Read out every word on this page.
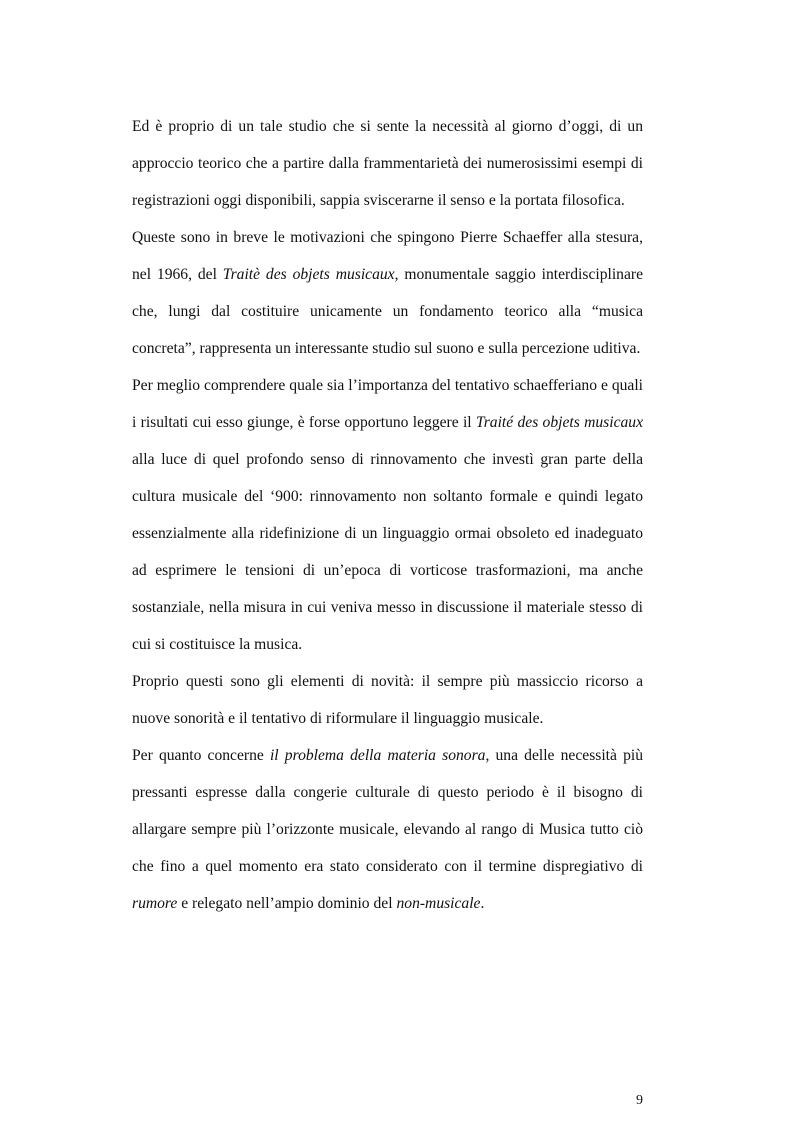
Ed è proprio di un tale studio che si sente la necessità al giorno d’oggi, di un approccio teorico che a partire dalla frammentarietà dei numerosissimi esempi di registrazioni oggi disponibili, sappia sviscerarne il senso e la portata filosofica.

Queste sono in breve le motivazioni che spingono Pierre Schaeffer alla stesura, nel 1966, del Traitè des objets musicaux, monumentale saggio interdisciplinare che, lungi dal costituire unicamente un fondamento teorico alla “musica concreta”, rappresenta un interessante studio sul suono e sulla percezione uditiva.

Per meglio comprendere quale sia l’importanza del tentativo schaefferiano e quali i risultati cui esso giunge, è forse opportuno leggere il Traité des objets musicaux alla luce di quel profondo senso di rinnovamento che investì gran parte della cultura musicale del ‘900: rinnovamento non soltanto formale e quindi legato essenzialmente alla ridefinizione di un linguaggio ormai obsoleto ed inadeguato ad esprimere le tensioni di un’epoca di vorticose trasformazioni, ma anche sostanziale, nella misura in cui veniva messo in discussione il materiale stesso di cui si costituisce la musica.

Proprio questi sono gli elementi di novità: il sempre più massiccio ricorso a nuove sonorità e il tentativo di riformulare il linguaggio musicale.

Per quanto concerne il problema della materia sonora, una delle necessità più pressanti espresse dalla congerie culturale di questo periodo è il bisogno di allargare sempre più l’orizzonte musicale, elevando al rango di Musica tutto ciò che fino a quel momento era stato considerato con il termine dispregiativo di rumore e relegato nell’ampio dominio del non-musicale.

9
